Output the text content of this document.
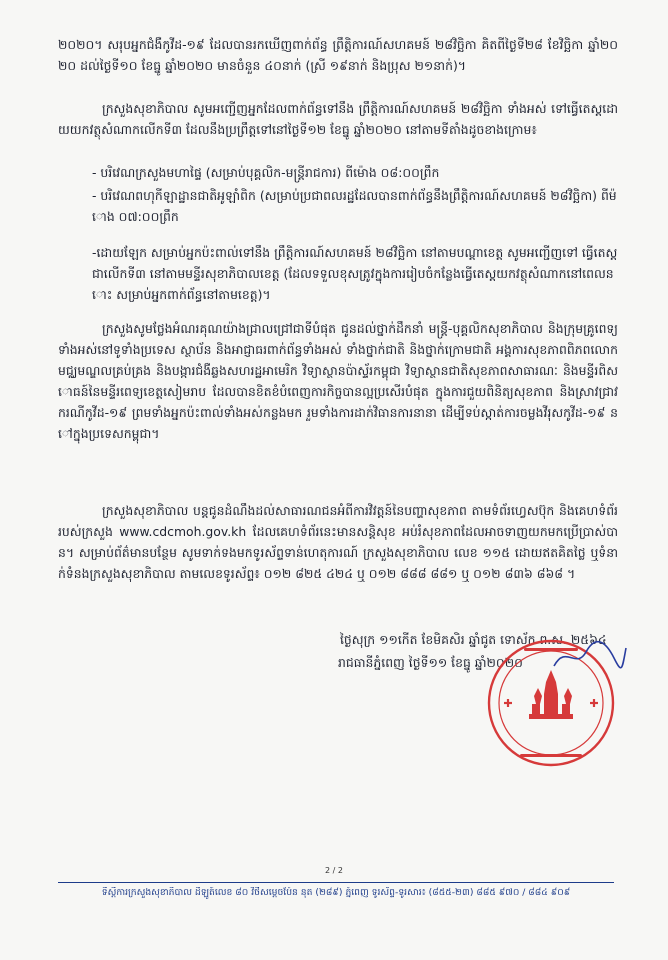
២០២០។ សរុបអ្នកជំងឺកូវីដ-១៩ ដែលបានរកឃើញពាក់ព័ន្ធ ព្រឹត្តិការណ៍សហគមន៍ ២៨វិច្ឆិកា គិតពីថ្ងៃទី២៨ ខែវិច្ឆិកា ឆ្នាំ២០២០ ដល់ថ្ងៃទី១០ ខែធ្នូ ឆ្នាំ២០២០ មានចំនួន ៤០នាក់ (ស្រី ១៩នាក់ និងប្រុស ២១នាក់)។

ក្រសួងសុខាភិបាល សូមអញ្ជើញអ្នកដែលពាក់ព័ន្ធទៅនឹង ព្រឹត្តិការណ៍សហគមន៍ ២៨វិច្ឆិកា ទាំងអស់ ទៅធ្វើតេស្តដោយយកវត្ថុសំណាកលើកទី៣ ដែលនឹងប្រព្រឹត្តទៅនៅថ្ងៃទី១២ ខែធ្នូ ឆ្នាំ២០២០ នៅតាមទីតាំងដូចខាងក្រោម៖

- បរិវេណក្រសួងមហាផ្ទៃ (សម្រាប់បុគ្គលិក-មន្ត្រីរាជការ) ពីម៉ោង ០៨:០០ព្រឹក

- បរិវេណពហុកីឡាដ្ឋានជាតិអូឡាំពិក (សម្រាប់ប្រជាពលរដ្ឋដែលបានពាក់ព័ន្ធនឹងព្រឹត្តិការណ៍សហគមន៍ ២៨វិច្ឆិកា) ពីម៉ោង ០៧:០០ព្រឹក

-ដោយឡែក សម្រាប់អ្នកប៉ះពាល់ទៅនឹង ព្រឹត្តិការណ៍សហគមន៍ ២៨វិច្ឆិកា នៅតាមបណ្តាខេត្ត សូមអញ្ជើញទៅ ធ្វើតេស្តជាលើកទី៣ នៅតាមមន្ទីរសុខាភិបាលខេត្ត (ដែលទទួលខុសត្រូវក្នុងការរៀបចំកន្លែងធ្វើតេស្តយកវត្ថុសំណាកនៅពេលនោះ សម្រាប់អ្នកពាក់ព័ន្ធនៅតាមខេត្ត)។

ក្រសួងសូមថ្លែងអំណរគុណយ៉ាងជ្រាលជ្រៅជាទីបំផុត ជូនដល់ថ្នាក់ដឹកនាំ មន្ត្រី-បុគ្គលិកសុខាភិបាល និងក្រុមគ្រូពេទ្យទាំងអស់នៅទូទាំងប្រទេស ស្ថាប័ន និងអាជ្ញាធរពាក់ព័ន្ធទាំងអស់ ទាំងថ្នាក់ជាតិ និងថ្នាក់ក្រោមជាតិ អង្គការសុខភាពពិភពលោក មជ្ឈមណ្ឌលគ្រប់គ្រង និងបង្ការជំងឺឆ្លងសហរដ្ឋអាមេរិក វិទ្យាស្ថានប៉ាស្ទ័រកម្ពុជា វិទ្យាស្ថានជាតិសុខភាពសាធារណៈ និងមន្ទីរពិសោធន៍នៃមន្ទីរពេទ្យខេត្តសៀមរាប ដែលបានខិតខំបំពេញការកិច្ចបានល្អប្រសើរបំផុត ក្នុងការជួយពិនិត្យសុខភាព និងស្រាវជ្រាវករណីកូវីដ-១៩ ព្រមទាំងអ្នកប៉ះពាល់ទាំងអស់កន្លងមក រួមទាំងការដាក់វិធានការនានា ដើម្បីទប់ស្កាត់ការចម្លងវីរុសកូវីដ-១៩ នៅក្នុងប្រទេសកម្ពុជា។

ក្រសួងសុខាភិបាល បន្តជូនដំណឹងដល់សាធារណជនអំពីការវិវត្តន៍នៃបញ្ហាសុខភាព តាមទំព័រហ្វេសប៊ុក និងគេហទំព័ររបស់ក្រសួង www.cdcmoh.gov.kh ដែលគេហទំព័រនេះមានសន្តិសុខ អប់រំសុខភាពដែលអាចទាញយកមកប្រើប្រាស់បាន។ សម្រាប់ព័ត៌មានបន្ថែម សូមទាក់ទងមកទូរស័ព្ទទាន់ហេតុការណ៍ ក្រសួងសុខាភិបាល លេខ ១១៥ ដោយឥតគិតថ្លៃ ឬទំនាក់ទំនងក្រសួងសុខាភិបាល តាមលេខទូរស័ព្ទ៖ ០១២ ៨២៥ ៤២៤ ឬ ០១២ ៨៨៨ ៨៨១ ឬ ០១២ ៨៣៦ ៨៦៨ ។

ថ្ងៃសុក្រ ១១កើត ខែមិគសិរ ឆ្នាំជូត ទោស័ក ព.ស. ២៥៦៤

រាជធានីភ្នំពេញ ថ្ងៃទី១១ ខែធ្នូ ឆ្នាំ២០២០

2 / 2
ទីស្តីការក្រសួងសុខាភិបាល ដីឡូត៍លេខ ៨០ វិថីសម្តេចប៉ែន នុត (២៨៩) ភ្នំពេញ ទូរស័ព្ទ-ទូរសារ៖ (៨៥៥-២៣) ៨៨៥ ៩៧០ / ៨៨៤ ៩០៩
